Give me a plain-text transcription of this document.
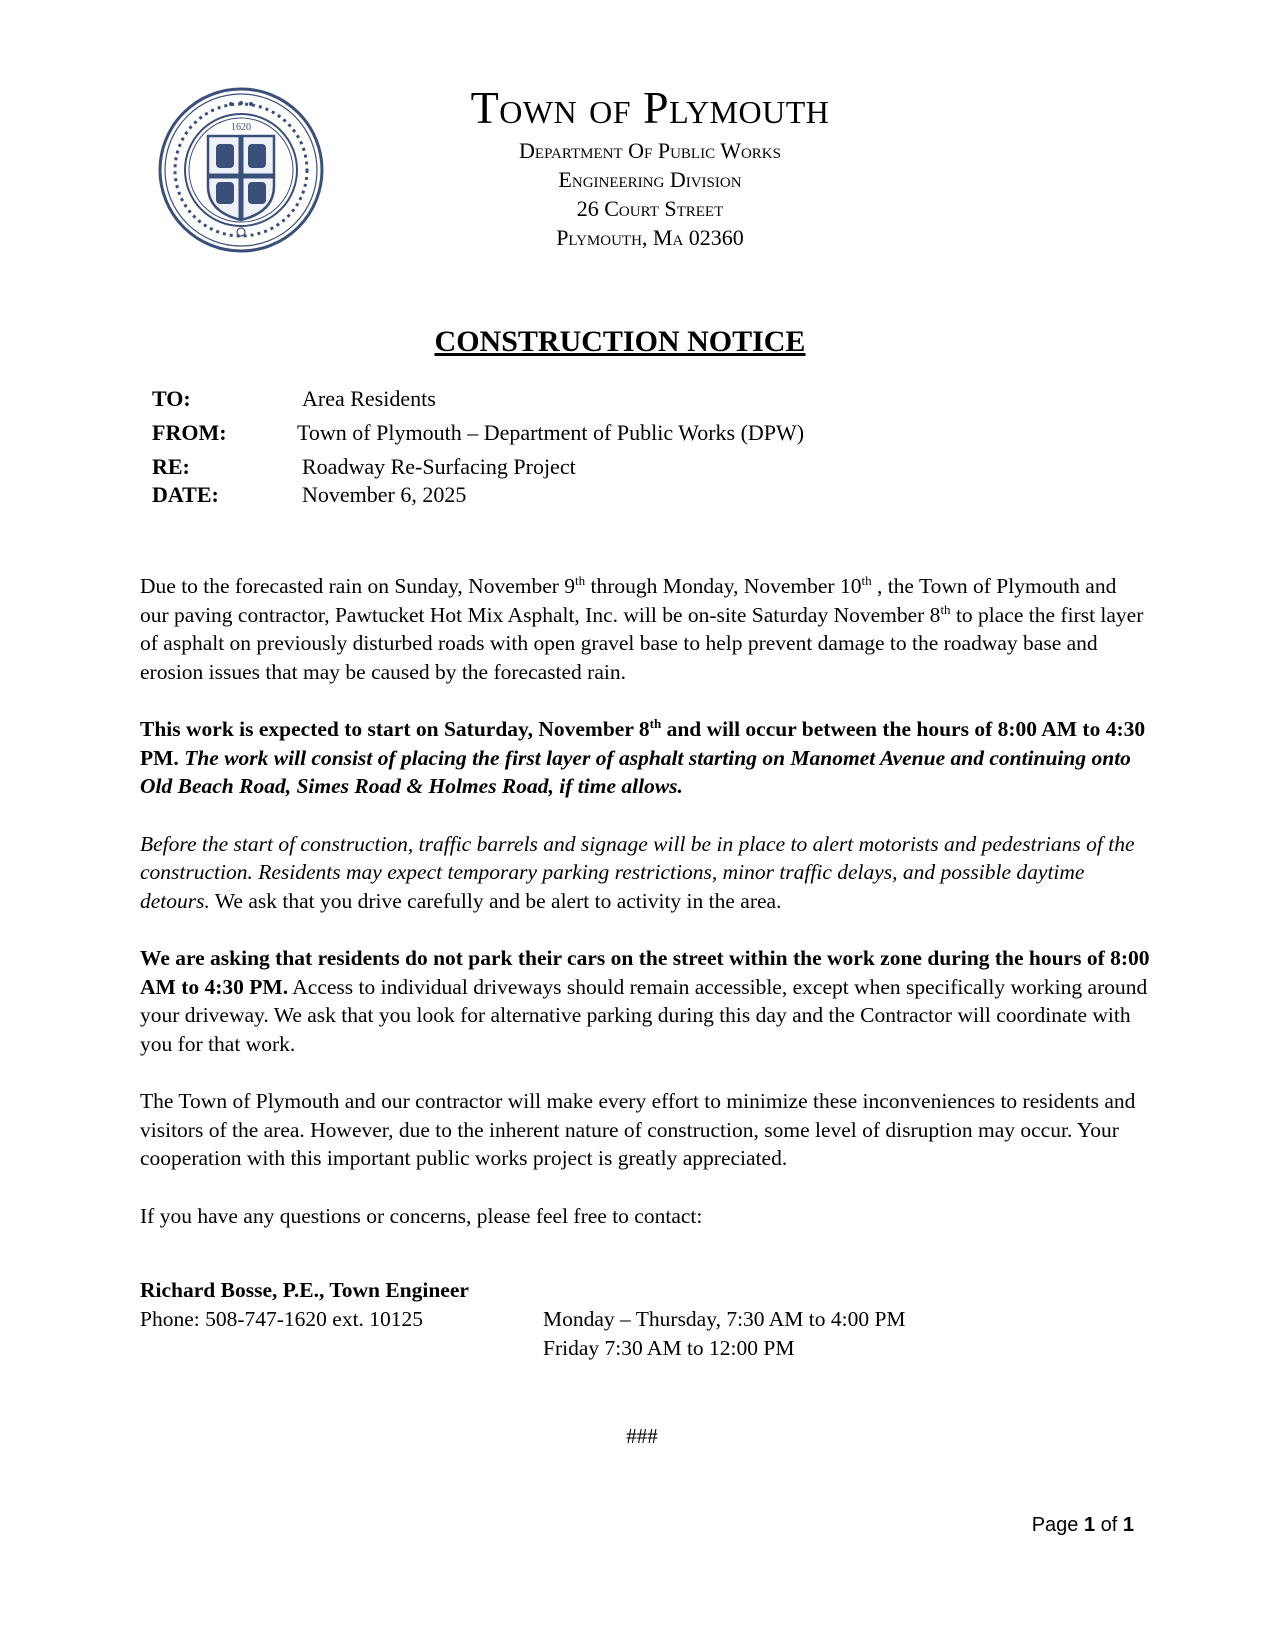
1620	Town of Plymouth
Department Of Public Works
Engineering Division
26 Court Street
Plymouth, Ma 02360
CONSTRUCTION NOTICE
TO:	Area Residents
FROM:	Town of Plymouth – Department of Public Works (DPW)
RE:	Roadway Re-Surfacing Project
DATE:	November 6, 2025

Due to the forecasted rain on Sunday, November 9th through Monday, November 10th , the Town of Plymouth and our paving contractor, Pawtucket Hot Mix Asphalt, Inc. will be on-site Saturday November 8th to place the first layer of asphalt on previously disturbed roads with open gravel base to help prevent damage to the roadway base and erosion issues that may be caused by the forecasted rain.

This work is expected to start on Saturday, November 8th and will occur between the hours of 8:00 AM to 4:30 PM. The work will consist of placing the first layer of asphalt starting on Manomet Avenue and continuing onto Old Beach Road, Simes Road & Holmes Road, if time allows.

Before the start of construction, traffic barrels and signage will be in place to alert motorists and pedestrians of the construction. Residents may expect temporary parking restrictions, minor traffic delays, and possible daytime detours. We ask that you drive carefully and be alert to activity in the area.

We are asking that residents do not park their cars on the street within the work zone during the hours of 8:00 AM to 4:30 PM. Access to individual driveways should remain accessible, except when specifically working around your driveway. We ask that you look for alternative parking during this day and the Contractor will coordinate with you for that work.

The Town of Plymouth and our contractor will make every effort to minimize these inconveniences to residents and visitors of the area. However, due to the inherent nature of construction, some level of disruption may occur. Your cooperation with this important public works project is greatly appreciated.

If you have any questions or concerns, please feel free to contact:

Richard Bosse, P.E., Town Engineer
Phone: 508-747-1620 ext. 10125	Monday – Thursday, 7:30 AM to 4:00 PM
Friday 7:30 AM to 12:00 PM
###
Page 1 of 1
